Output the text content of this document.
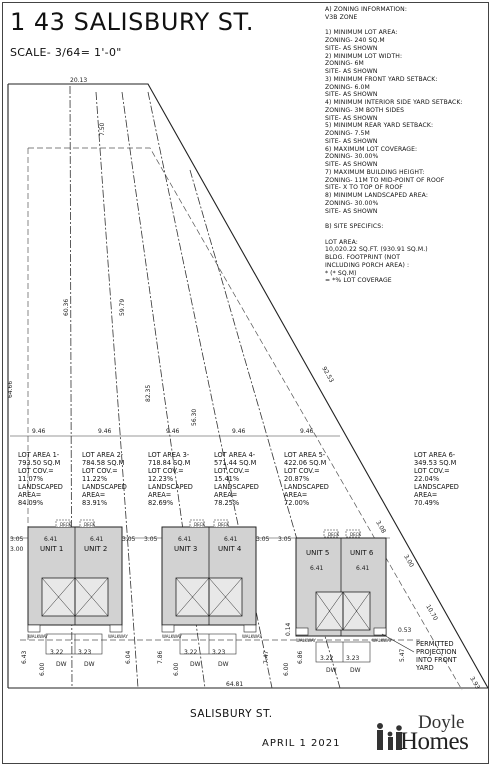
1 43 SALISBURY ST.
SCALE- 3/64= 1'-0"
A) ZONING INFORMATION:
V3B ZONE

1) MINIMUM LOT AREA:
ZONING- 240 SQ.M
SITE- AS SHOWN
2) MINIMUM LOT WIDTH:
ZONING- 6M
SITE- AS SHOWN
3) MINIMUM FRONT YARD SETBACK:
ZONING- 6.0M
SITE- AS SHOWN
4) MINIMUM INTERIOR SIDE YARD SETBACK:
ZONING- 3M BOTH SIDES
SITE- AS SHOWN
5) MINIMUM REAR YARD SETBACK:
ZONING- 7.5M
SITE- AS SHOWN
6) MAXIMUM LOT COVERAGE:
ZONING- 30.00%
SITE- AS SHOWN
7) MAXIMUM BUILDING HEIGHT:
ZONING- 11M TO MID-POINT OF ROOF
SITE- X TO TOP OF ROOF
8) MINIMUM LANDSCAPED AREA:
ZONING- 30.00%
SITE- AS SHOWN

B) SITE SPECIFICS:

LOT AREA:
10,020.22 SQ.FT. (930.91 SQ.M.)
BLDG. FOOTPRINT (NOT
INCLUDING PORCH AREA) :
* (* SQ.M)
= *% LOT COVERAGE
UNIT 1	UNIT 2	UNIT 3	UNIT 4	UNIT 5	UNIT 6
20.13
7.50
64.66
60.36	59.79
82.35
56.30
92.53
9.46	9.46	9.46	9.46	9.46
3.00
3.05	3.05 3.05	3.05 3.05
6.41	6.41	6.41	6.41
6.41	6.41
6.43
6.00
6.04	7.86
6.00
7.47
6.00
6.86
0.14
3.22 3.23	3.22 3.23
3.22 3.23
DW	DW	DW	DW
DW DW
64.81
3.08
3.00
10.70
0.53
5.47
3.93
DECK	DECK	DECK	DECK
DECK	DECK
WALKWAY	WALKWAY	WALKWAY	WALKWAY
WALKWAY	WALKWAY
LOT AREA 1-
793.50 SQ.M
LOT COV.=
11.07%
LANDSCAPED
AREA=
84.09%
LOT AREA 2-
784.58 SQ.M
LOT COV.=
11.22%
LANDSCAPED
AREA=
83.91%
LOT AREA 3-
718.84 SQ.M
LOT COV.=
12.23%
LANDSCAPED
AREA=
82.69%
LOT AREA 4-
571.44 SQ.M
LOT COV.=
15.41%
LANDSCAPED
AREA=
78.25%
LOT AREA 5-
422.06 SQ.M
LOT COV.=
20.87%
LANDSCAPED
AREA=
72.00%
LOT AREA 6-
349.53 SQ.M
LOT COV.=
22.04%
LANDSCAPED
AREA=
70.49%
PERMITTED
PROJECTION
INTO FRONT
YARD
SALISBURY ST.
APRIL 1 2021
Doyle
Homes
